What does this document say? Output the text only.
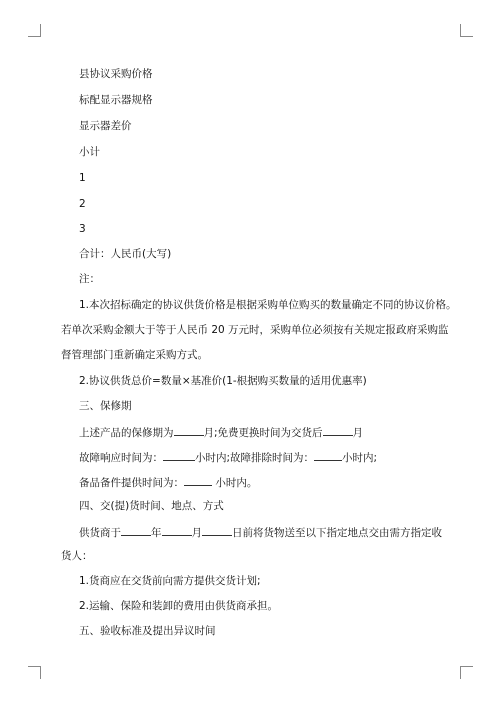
县协议采购价格
标配显示器规格
显示器差价
小计
1
2
3
合计：人民币(大写)
注：
1.本次招标确定的协议供货价格是根据采购单位购买的数量确定不同的协议价格。
若单次采购金额大于等于人民币 20 万元时，采购单位必须按有关规定报政府采购监
督管理部门重新确定采购方式。
2.协议供货总价=数量×基准价(1-根据购买数量的适用优惠率)
三、保修期
上述产品的保修期为	月;免费更换时间为交货后	月
故障响应时间为：	小时内;故障排除时间为：	小时内;
备品备件提供时间为：	小时内。
四、交(提)货时间、地点、方式
供货商于	年	月	日前将货物送至以下指定地点交由需方指定收
货人：
1.货商应在交货前向需方提供交货计划;
2.运输、保险和装卸的费用由供货商承担。
五、验收标准及提出异议时间
